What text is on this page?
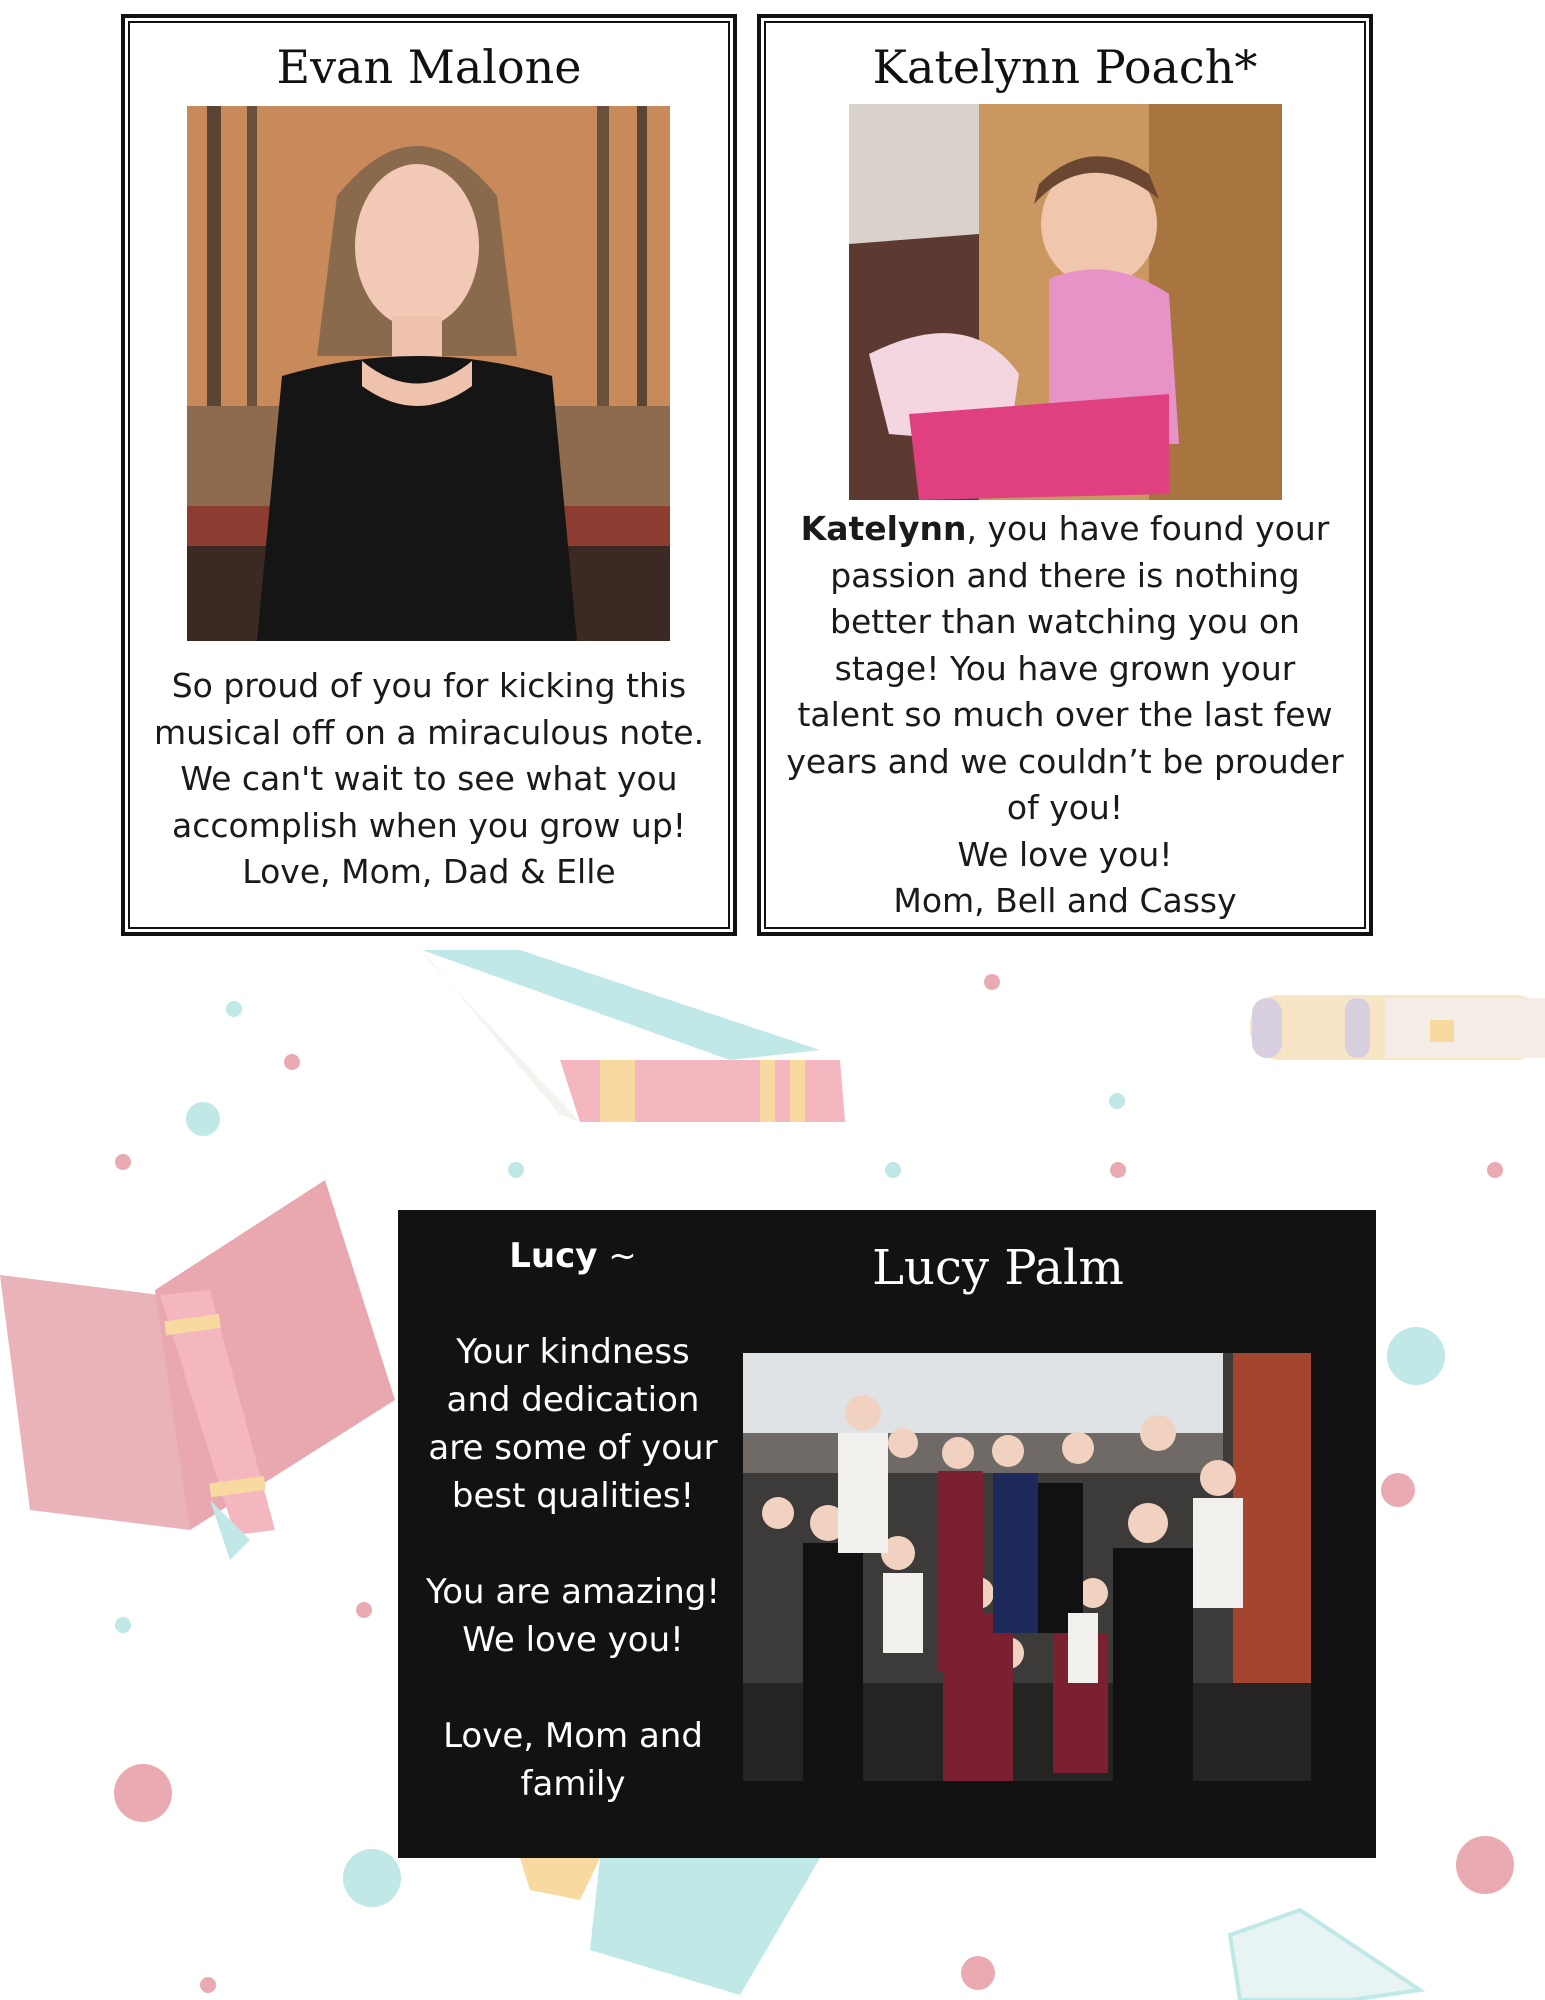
Evan Malone

So proud of you for kicking this

musical off on a miraculous note.

We can't wait to see what you

accomplish when you grow up!

Love, Mom, Dad & Elle

Katelynn Poach*
Katelynn, you have found your
passion and there is nothing
better than watching you on
stage! You have grown your
talent so much over the last few
years and we couldn’t be prouder
of you!
We love you!
Mom, Bell and Cassy

Lucy ~

Your kindness

and dedication

are some of your

best qualities!

You are amazing!

We love you!

Love, Mom and

family

Lucy Palm
